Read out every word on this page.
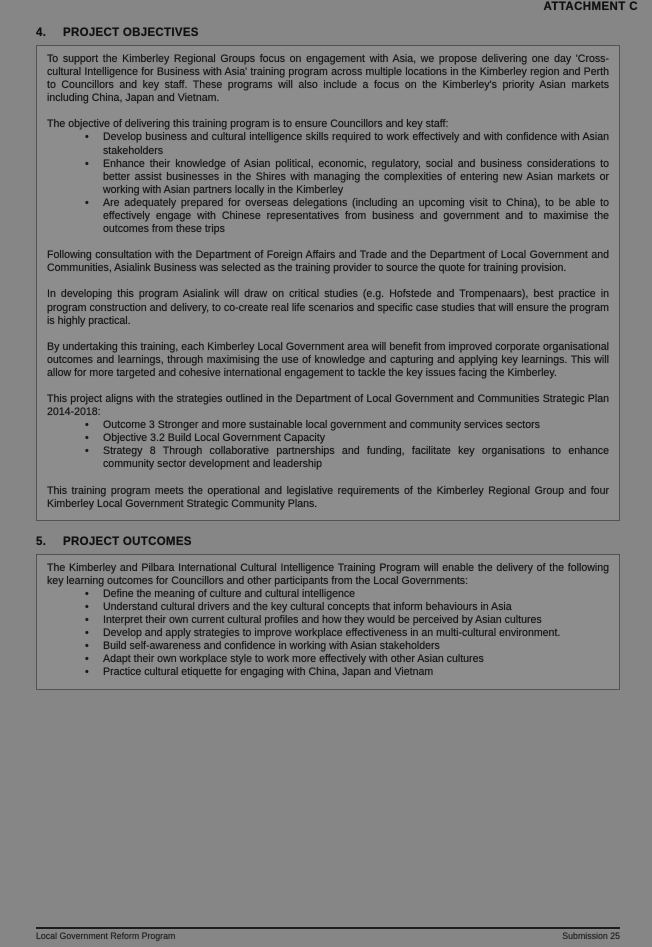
ATTACHMENT C
4. PROJECT OBJECTIVES

To support the Kimberley Regional Groups focus on engagement with Asia, we propose delivering one day 'Cross-cultural Intelligence for Business with Asia' training program across multiple locations in the Kimberley region and Perth to Councillors and key staff. These programs will also include a focus on the Kimberley's priority Asian markets including China, Japan and Vietnam.

The objective of delivering this training program is to ensure Councillors and key staff:

• Develop business and cultural intelligence skills required to work effectively and with confidence with Asian stakeholders
• Enhance their knowledge of Asian political, economic, regulatory, social and business considerations to better assist businesses in the Shires with managing the complexities of entering new Asian markets or working with Asian partners locally in the Kimberley
• Are adequately prepared for overseas delegations (including an upcoming visit to China), to be able to effectively engage with Chinese representatives from business and government and to maximise the outcomes from these trips

Following consultation with the Department of Foreign Affairs and Trade and the Department of Local Government and Communities, Asialink Business was selected as the training provider to source the quote for training provision.

In developing this program Asialink will draw on critical studies (e.g. Hofstede and Trompenaars), best practice in program construction and delivery, to co-create real life scenarios and specific case studies that will ensure the program is highly practical.

By undertaking this training, each Kimberley Local Government area will benefit from improved corporate organisational outcomes and learnings, through maximising the use of knowledge and capturing and applying key learnings. This will allow for more targeted and cohesive international engagement to tackle the key issues facing the Kimberley.

This project aligns with the strategies outlined in the Department of Local Government and Communities Strategic Plan 2014-2018:

• Outcome 3 Stronger and more sustainable local government and community services sectors
• Objective 3.2 Build Local Government Capacity
• Strategy 8 Through collaborative partnerships and funding, facilitate key organisations to enhance community sector development and leadership

This training program meets the operational and legislative requirements of the Kimberley Regional Group and four Kimberley Local Government Strategic Community Plans.

5. PROJECT OUTCOMES

The Kimberley and Pilbara International Cultural Intelligence Training Program will enable the delivery of the following key learning outcomes for Councillors and other participants from the Local Governments:

• Define the meaning of culture and cultural intelligence
• Understand cultural drivers and the key cultural concepts that inform behaviours in Asia
• Interpret their own current cultural profiles and how they would be perceived by Asian cultures
• Develop and apply strategies to improve workplace effectiveness in an multi-cultural environment.
• Build self-awareness and confidence in working with Asian stakeholders
• Adapt their own workplace style to work more effectively with other Asian cultures
• Practice cultural etiquette for engaging with China, Japan and Vietnam
Local Government Reform Program	Submission 25
